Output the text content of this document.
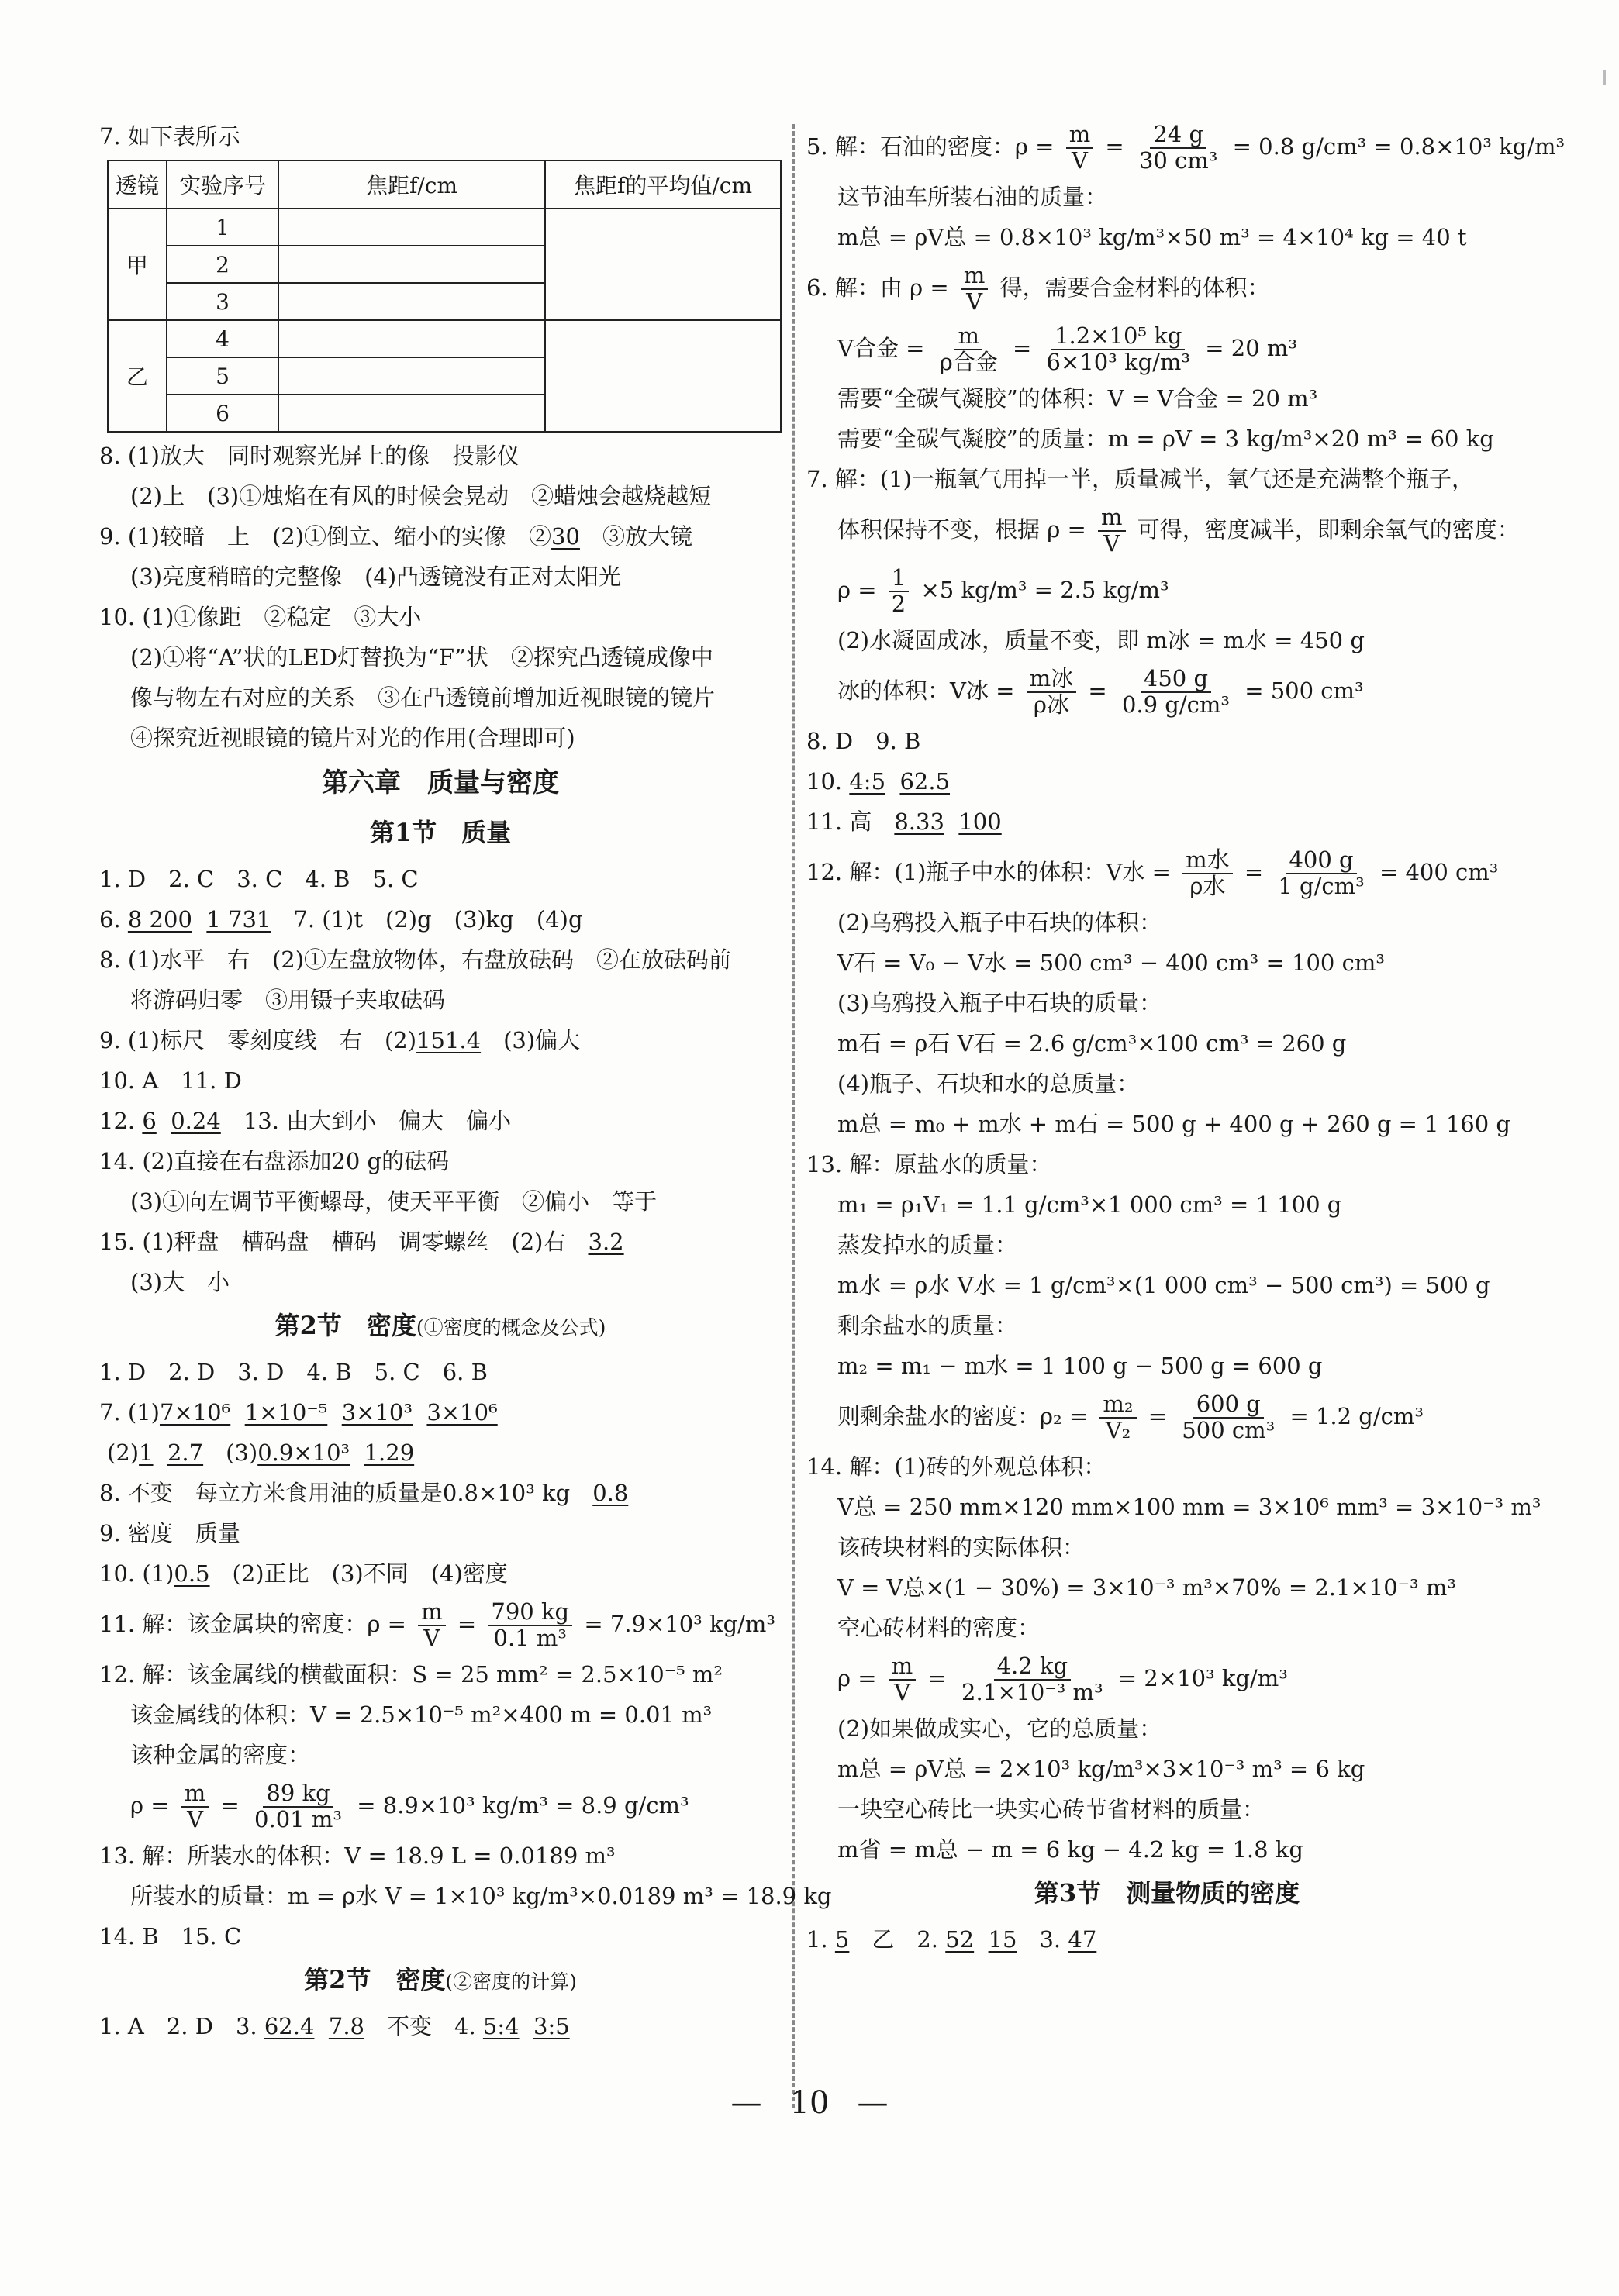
7. 如下表所示
透镜	实验序号	焦距f/cm	焦距f的平均值/cm
甲	1		
	2		
	3		
乙	4		
	5		
	6		
8. (1)放大　同时观察光屏上的像　投影仪
(2)上　(3)①烛焰在有风的时候会晃动　②蜡烛会越烧越短
9. (1)较暗　上　(2)①倒立、缩小的实像　②30　③放大镜
(3)亮度稍暗的完整像　(4)凸透镜没有正对太阳光
10. (1)①像距　②稳定　③大小
(2)①将“A”状的LED灯替换为“F”状　②探究凸透镜成像中
像与物左右对应的关系　③在凸透镜前增加近视眼镜的镜片
④探究近视眼镜的镜片对光的作用(合理即可)
第六章　质量与密度
第1节　质量
1. D　2. C　3. C　4. B　5. C
6. 8 200 1 731　7. (1)t　(2)g　(3)kg　(4)g
8. (1)水平　右　(2)①左盘放物体，右盘放砝码　②在放砝码前
将游码归零　③用镊子夹取砝码
9. (1)标尺　零刻度线　右　(2)151.4　(3)偏大
10. A　11. D
12. 6 0.24　13. 由大到小　偏大　偏小
14. (2)直接在右盘添加20 g的砝码
(3)①向左调节平衡螺母，使天平平衡　②偏小　等于
15. (1)秤盘　槽码盘　槽码　调零螺丝　(2)右　3.2
(3)大　小
第2节　密度(①密度的概念及公式)
1. D　2. D　3. D　4. B　5. C　6. B
7. (1)7×10⁶ 1×10⁻⁵ 3×10³ 3×10⁶
(2)1 2.7　(3)0.9×10³ 1.29
8. 不变　每立方米食用油的质量是0.8×10³ kg　0.8
9. 密度　质量
10. (1)0.5　(2)正比　(3)不同　(4)密度
11. 解：该金属块的密度：$\rho = \frac{m}{V} = \frac{790 kg}{\text{0.1 m³}} = 7.9\times 10^3$ kg/m³
12. 解：该金属线的横截面积：S = 25 mm² = 2.5×10⁻⁵ m²
该金属线的体积：V = 2.5×10⁻⁵ m²×400 m = 0.01 m³
该种金属的密度：
$\rho = \frac{m}{V} = \frac{89 kg}{\text{0.01 m³}} = 8.9\times 10^3$ kg/m³ = 8.9 g/cm³
13. 解：所装水的体积：V = 18.9 L = 0.0189 m³
所装水的质量：m = ρ水 V = 1×10³ kg/m³×0.0189 m³ = 18.9 kg
14. B　15. C
第2节　密度(②密度的计算)
1. A　2. D　3. 62.4 7.8　不变　4. 5:4 3:5
5. 解：石油的密度：$\rho = \frac{m}{V} = \frac{24 g}{\text{30 cm³}} = 0.8$ g/cm³ = 0.8×10³ kg/m³
这节油车所装石油的质量：
m总 = ρV总 = 0.8×10³ kg/m³×50 m³ = 4×10⁴ kg = 40 t
6. 解：由 $\rho = \frac{m}{V}$ 得，需要合金材料的体积：
V合金 = $\frac{m}{\text{ρ合金}} = \frac{\text{1.2×10⁵ kg}}{\text{6×10³ kg/m³}} = 20$ m³
需要“全碳气凝胶”的体积：V = V合金 = 20 m³
需要“全碳气凝胶”的质量：m = ρV = 3 kg/m³×20 m³ = 60 kg
7. 解：(1)一瓶氧气用掉一半，质量减半，氧气还是充满整个瓶子，
体积保持不变，根据 $\rho = \frac{m}{V}$ 可得，密度减半，即剩余氧气的密度：
$\rho = \frac{1}{2} \times 5$ kg/m³ = 2.5 kg/m³
(2)水凝固成冰，质量不变，即 m冰 = m水 = 450 g
冰的体积：V冰 = $\frac{\text{m冰}}{\text{ρ冰}} = \frac{450 g}{\text{0.9 g/cm³}} = 500$ cm³
8. D　9. B
10. 4:5 62.5
11. 高　8.33 100
12. 解：(1)瓶子中水的体积：V水 = $\frac{\text{m水}}{\text{ρ水}} = \frac{400 g}{\text{1 g/cm³}} = 400$ cm³
(2)乌鸦投入瓶子中石块的体积：
V石 = V₀ − V水 = 500 cm³ − 400 cm³ = 100 cm³
(3)乌鸦投入瓶子中石块的质量：
m石 = ρ石 V石 = 2.6 g/cm³×100 cm³ = 260 g
(4)瓶子、石块和水的总质量：
m总 = m₀ + m水 + m石 = 500 g + 400 g + 260 g = 1 160 g
13. 解：原盐水的质量：
m₁ = ρ₁V₁ = 1.1 g/cm³×1 000 cm³ = 1 100 g
蒸发掉水的质量：
m水 = ρ水 V水 = 1 g/cm³×(1 000 cm³ − 500 cm³) = 500 g
剩余盐水的质量：
m₂ = m₁ − m水 = 1 100 g − 500 g = 600 g
则剩余盐水的密度：$\rho_2 = \frac{\text{m₂}}{\text{V₂}} = \frac{600 g}{\text{500 cm³}} = 1.2$ g/cm³
14. 解：(1)砖的外观总体积：
V总 = 250 mm×120 mm×100 mm = 3×10⁶ mm³ = 3×10⁻³ m³
该砖块材料的实际体积：
V = V总×(1 − 30%) = 3×10⁻³ m³×70% = 2.1×10⁻³ m³
空心砖材料的密度：
$\rho = \frac{m}{V} = \frac{4.2 kg}{\text{2.1×10⁻³ m³}} = 2\times 10^3$ kg/m³
(2)如果做成实心，它的总质量：
m总 = ρV总 = 2×10³ kg/m³×3×10⁻³ m³ = 6 kg
一块空心砖比一块实心砖节省材料的质量：
m省 = m总 − m = 6 kg − 4.2 kg = 1.8 kg
第3节　测量物质的密度
1. 5　乙　2. 52 15　3. 47
— 10 —
